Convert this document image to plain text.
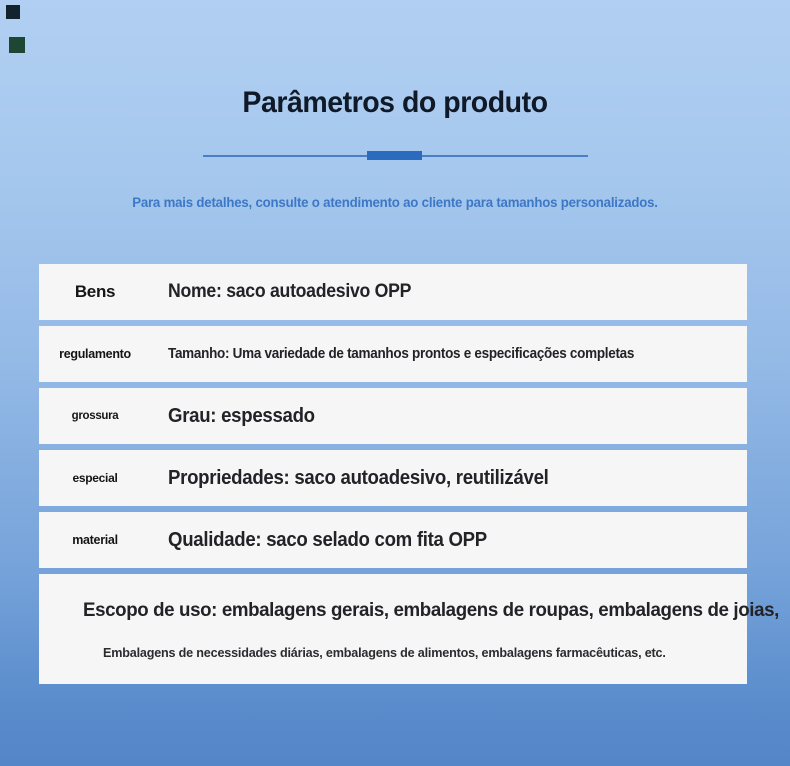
Parâmetros do produto
Para mais detalhes, consulte o atendimento ao cliente para tamanhos personalizados.
Bens	Nome: saco autoadesivo OPP
regulamento	Tamanho: Uma variedade de tamanhos prontos e especificações completas
grossura	Grau: espessado
especial	Propriedades: saco autoadesivo, reutilizável
material	Qualidade: saco selado com fita OPP
Escopo de uso: embalagens gerais, embalagens de roupas, embalagens de joias,
Embalagens de necessidades diárias, embalagens de alimentos, embalagens farmacêuticas, etc.
